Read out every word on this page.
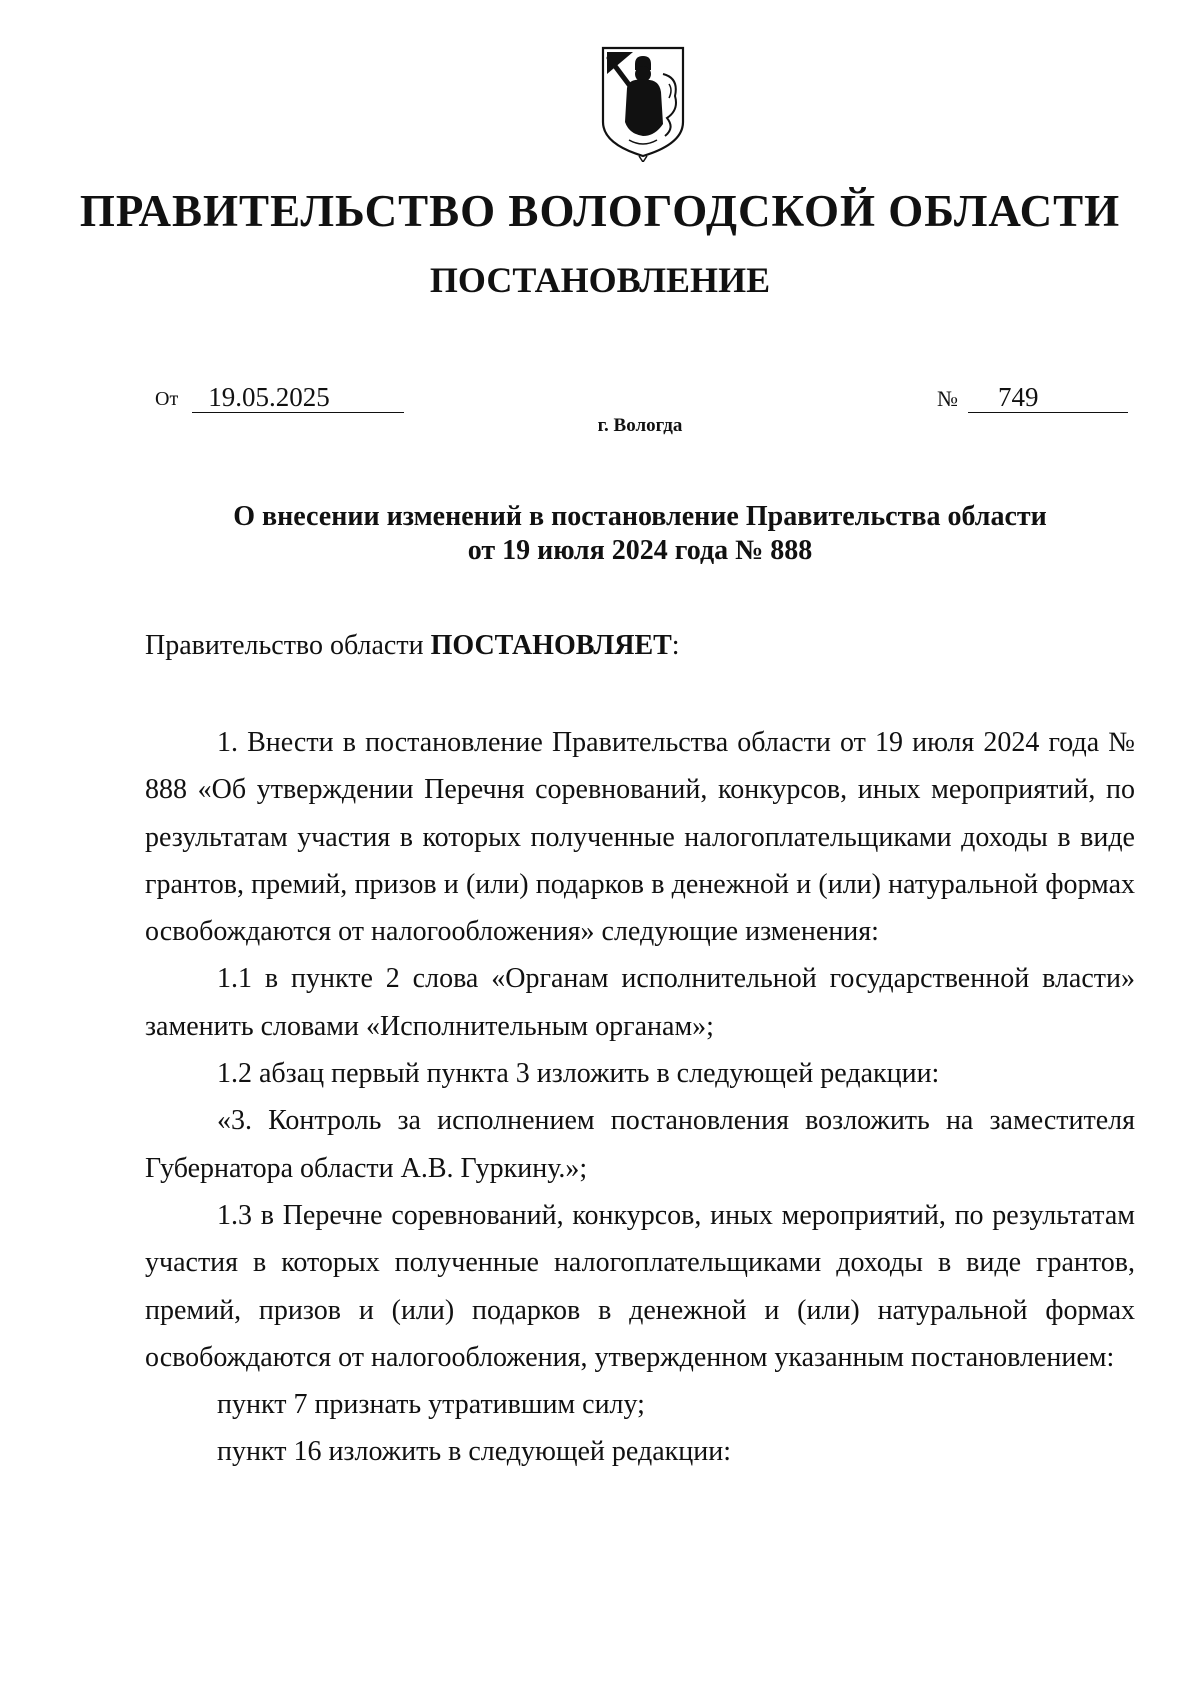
ПРАВИТЕЛЬСТВО ВОЛОГОДСКОЙ ОБЛАСТИ
ПОСТАНОВЛЕНИЕ
От	19.05.2025	№	749
г. Вологда
О внесении изменений в постановление Правительства области
от 19 июля 2024 года № 888
Правительство области ПОСТАНОВЛЯЕТ:

1. Внести в постановление Правительства области от 19 июля 2024 года № 888 «Об утверждении Перечня соревнований, конкурсов, иных мероприятий, по результатам участия в которых полученные налогоплательщиками доходы в виде грантов, премий, призов и (или) подарков в денежной и (или) натуральной формах освобождаются от налогообложения» следующие изменения:

1.1 в пункте 2 слова «Органам исполнительной государственной власти» заменить словами «Исполнительным органам»;

1.2 абзац первый пункта 3 изложить в следующей редакции:

«3. Контроль за исполнением постановления возложить на заместителя Губернатора области А.В. Гуркину.»;

1.3 в Перечне соревнований, конкурсов, иных мероприятий, по результатам участия в которых полученные налогоплательщиками доходы в виде грантов, премий, призов и (или) подарков в денежной и (или) натуральной формах освобождаются от налогообложения, утвержденном указанным постановлением:

пункт 7 признать утратившим силу;

пункт 16 изложить в следующей редакции:
